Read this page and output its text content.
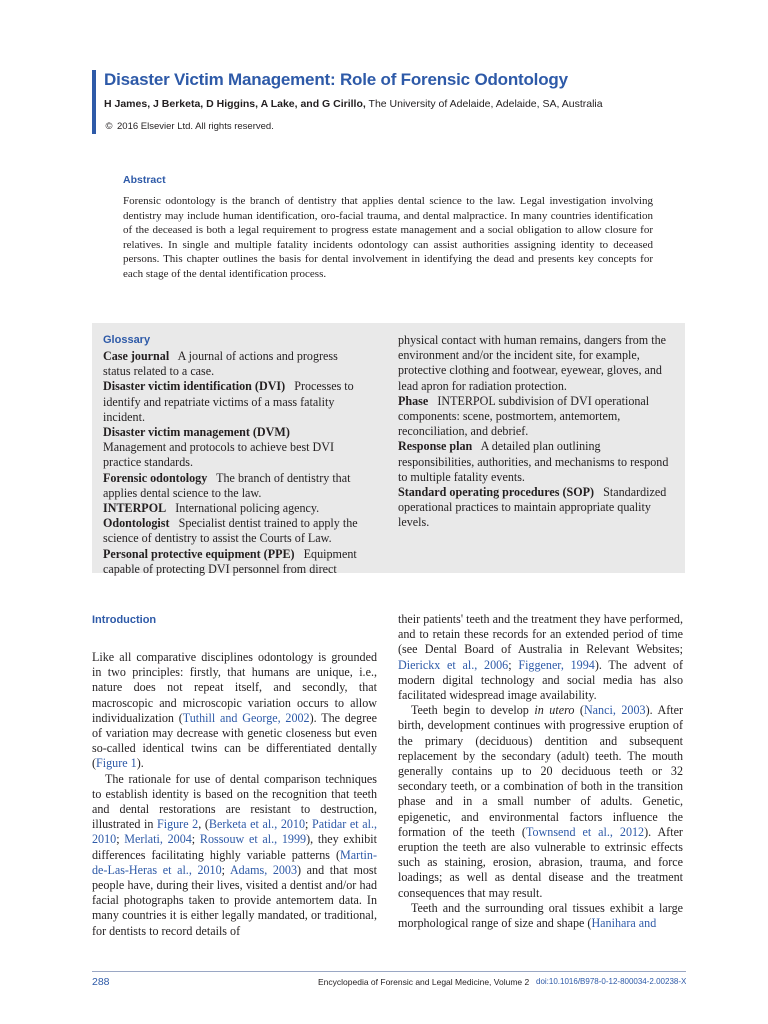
Disaster Victim Management: Role of Forensic Odontology
H James, J Berketa, D Higgins, A Lake, and G Cirillo, The University of Adelaide, Adelaide, SA, Australia
© 2016 Elsevier Ltd. All rights reserved.
Abstract
Forensic odontology is the branch of dentistry that applies dental science to the law. Legal investigation involving dentistry may include human identification, oro-facial trauma, and dental malpractice. In many countries identification of the deceased is both a legal requirement to progress estate management and a social obligation to allow closure for relatives. In single and multiple fatality incidents odontology can assist authorities assigning identity to deceased persons. This chapter outlines the basis for dental involvement in identifying the dead and presents key concepts for each stage of the dental identification process.
Glossary

Case journal A journal of actions and progress status related to a case.

Disaster victim identification (DVI) Processes to identify and repatriate victims of a mass fatality incident.

Disaster victim management (DVM)   Management and protocols to achieve best DVI practice standards.

Forensic odontology The branch of dentistry that applies dental science to the law.

INTERPOL International policing agency.

Odontologist Specialist dentist trained to apply the science of dentistry to assist the Courts of Law.

Personal protective equipment (PPE) Equipment capable of protecting DVI personnel from direct

physical contact with human remains, dangers from the environment and/or the incident site, for example, protective clothing and footwear, eyewear, gloves, and lead apron for radiation protection.

Phase INTERPOL subdivision of DVI operational components: scene, postmortem, antemortem, reconciliation, and debrief.

Response plan A detailed plan outlining responsibilities, authorities, and mechanisms to respond to multiple fatality events.

Standard operating procedures (SOP) Standardized operational practices to maintain appropriate quality levels.

Introduction

Like all comparative disciplines odontology is grounded in two principles: firstly, that humans are unique, i.e., nature does not repeat itself, and secondly, that macroscopic and microscopic variation occurs to allow individualization (Tuthill and George, 2002). The degree of variation may decrease with genetic closeness but even so-called identical twins can be differentiated dentally (Figure 1).

The rationale for use of dental comparison techniques to establish identity is based on the recognition that teeth and dental restorations are resistant to destruction, illustrated in Figure 2, (Berketa et al., 2010; Patidar et al., 2010; Merlati, 2004; Rossouw et al., 1999), they exhibit differences facilitating highly variable patterns (Martin-de-Las-Heras et al., 2010; Adams, 2003) and that most people have, during their lives, visited a dentist and/or had facial photographs taken to provide antemortem data. In many countries it is either legally mandated, or traditional, for dentists to record details of

their patients' teeth and the treatment they have performed, and to retain these records for an extended period of time (see Dental Board of Australia in Relevant Websites; Dierickx et al., 2006; Figgener, 1994). The advent of modern digital technology and social media has also facilitated widespread image availability.

Teeth begin to develop in utero (Nanci, 2003). After birth, development continues with progressive eruption of the primary (deciduous) dentition and subsequent replacement by the secondary (adult) teeth. The mouth generally contains up to 20 deciduous teeth or 32 secondary teeth, or a combination of both in the transition phase and in a small number of adults. Genetic, epigenetic, and environmental factors influence the formation of the teeth (Townsend et al., 2012). After eruption the teeth are also vulnerable to extrinsic effects such as staining, erosion, abrasion, trauma, and force loadings; as well as dental disease and the treatment consequences that may result.

Teeth and the surrounding oral tissues exhibit a large morphological range of size and shape (Hanihara and

288	Encyclopedia of Forensic and Legal Medicine, Volume 2 doi:10.1016/B978-0-12-800034-2.00238-X
